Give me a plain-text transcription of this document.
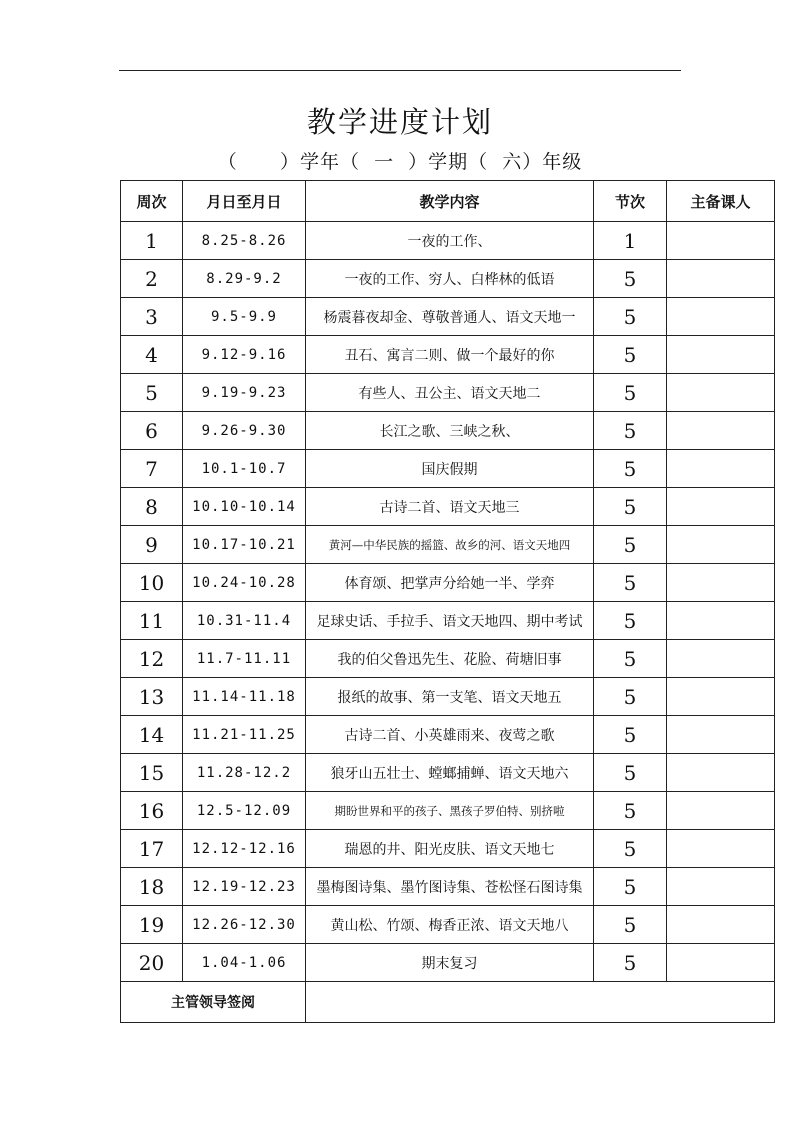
教学进度计划
（      ）学年（  一  ）学期（  六）年级
周次	月日至月日	教学内容	节次	主备课人
1	8.25-8.26	一夜的工作、	1	
2	8.29-9.2	一夜的工作、穷人、白桦林的低语	5	
3	9.5-9.9	杨震暮夜却金、尊敬普通人、语文天地一	5	
4	9.12-9.16	丑石、寓言二则、做一个最好的你	5	
5	9.19-9.23	有些人、丑公主、语文天地二	5	
6	9.26-9.30	长江之歌、三峡之秋、	5	
7	10.1-10.7	国庆假期	5	
8	10.10-10.14	古诗二首、语文天地三	5	
9	10.17-10.21	黄河—中华民族的摇篮、故乡的河、语文天地四	5	
10	10.24-10.28	体育颂、把掌声分给她一半、学弈	5	
11	10.31-11.4	足球史话、手拉手、语文天地四、期中考试	5	
12	11.7-11.11	我的伯父鲁迅先生、花脸、荷塘旧事	5	
13	11.14-11.18	报纸的故事、第一支笔、语文天地五	5	
14	11.21-11.25	古诗二首、小英雄雨来、夜莺之歌	5	
15	11.28-12.2	狼牙山五壮士、螳螂捕蝉、语文天地六	5	
16	12.5-12.09	期盼世界和平的孩子、黑孩子罗伯特、别挤啦	5	
17	12.12-12.16	瑞恩的井、阳光皮肤、语文天地七	5	
18	12.19-12.23	墨梅图诗集、墨竹图诗集、苍松怪石图诗集	5	
19	12.26-12.30	黄山松、竹颂、梅香正浓、语文天地八	5	
20	1.04-1.06	期末复习	5	
主管领导签阅				
